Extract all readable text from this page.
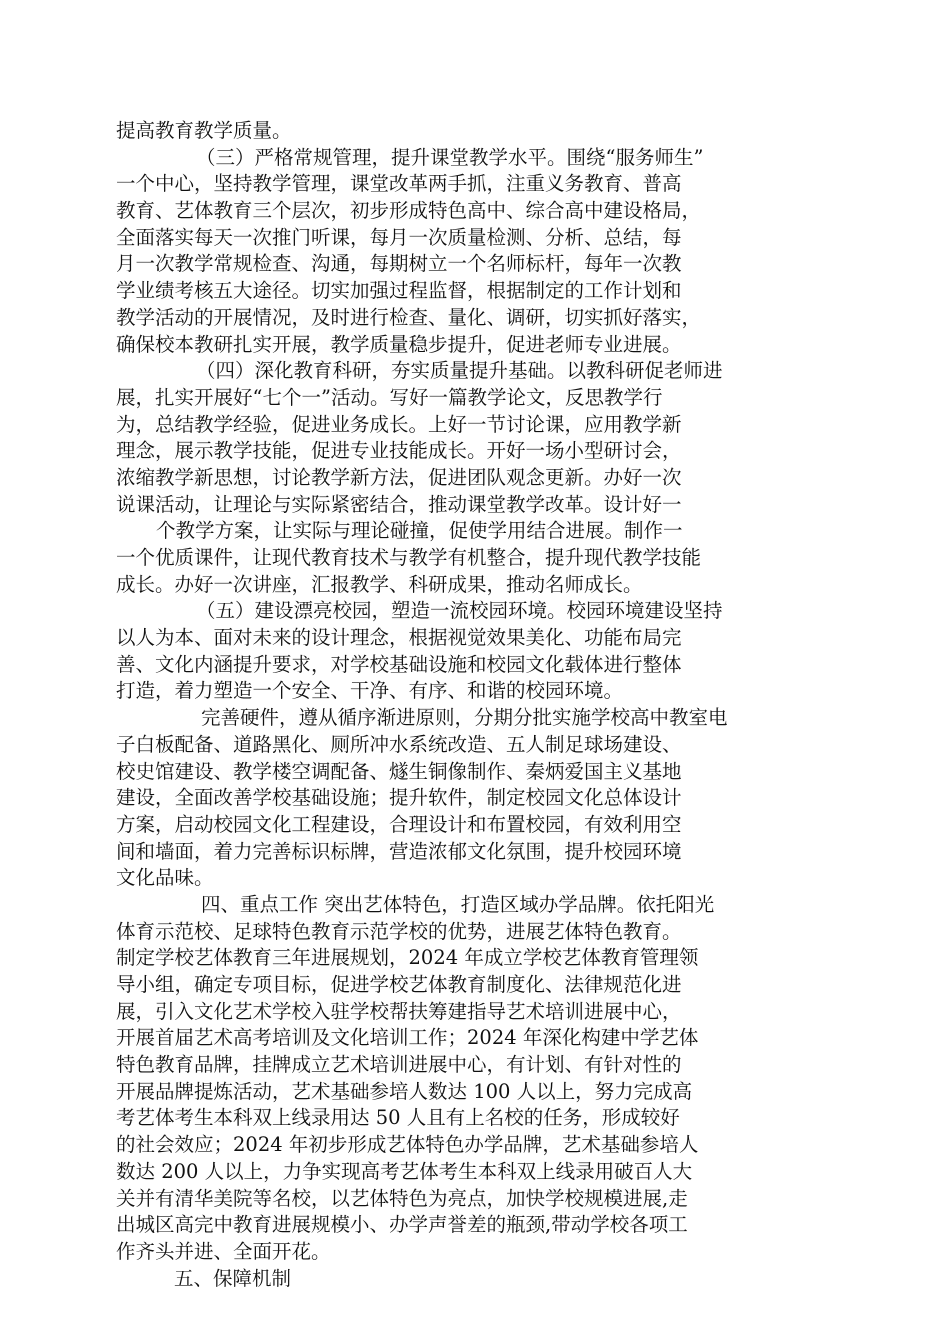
提高教育教学质量。
（三）严格常规管理，提升课堂教学水平。围绕“服务师生”
一个中心，坚持教学管理，课堂改革两手抓，注重义务教育、普高
教育、艺体教育三个层次，初步形成特色高中、综合高中建设格局，
全面落实每天一次推门听课，每月一次质量检测、分析、总结，每
月一次教学常规检查、沟通，每期树立一个名师标杆，每年一次教
学业绩考核五大途径。切实加强过程监督，根据制定的工作计划和
教学活动的开展情况，及时进行检查、量化、调研，切实抓好落实，
确保校本教研扎实开展，教学质量稳步提升，促进老师专业进展。
（四）深化教育科研，夯实质量提升基础。以教科研促老师进
展，扎实开展好“七个一”活动。写好一篇教学论文，反思教学行
为，总结教学经验，促进业务成长。上好一节讨论课，应用教学新
理念，展示教学技能，促进专业技能成长。开好一场小型研讨会，
浓缩教学新思想，讨论教学新方法，促进团队观念更新。办好一次
说课活动，让理论与实际紧密结合，推动课堂教学改革。设计好一
个教学方案，让实际与理论碰撞，促使学用结合进展。制作一
一个优质课件，让现代教育技术与教学有机整合，提升现代教学技能
成长。办好一次讲座，汇报教学、科研成果，推动名师成长。
（五）建设漂亮校园，塑造一流校园环境。校园环境建设坚持
以人为本、面对未来的设计理念，根据视觉效果美化、功能布局完
善、文化内涵提升要求，对学校基础设施和校园文化载体进行整体
打造，着力塑造一个安全、干净、有序、和谐的校园环境。
完善硬件，遵从循序渐进原则，分期分批实施学校高中教室电
子白板配备、道路黑化、厕所冲水系统改造、五人制足球场建设、
校史馆建设、教学楼空调配备、燧生铜像制作、秦炳爱国主义基地
建设，全面改善学校基础设施；提升软件，制定校园文化总体设计
方案，启动校园文化工程建设，合理设计和布置校园，有效利用空
间和墙面，着力完善标识标牌，营造浓郁文化氛围，提升校园环境
文化品味。
四、重点工作 突出艺体特色，打造区域办学品牌。依托阳光
体育示范校、足球特色教育示范学校的优势，进展艺体特色教育。
制定学校艺体教育三年进展规划，2024 年成立学校艺体教育管理领
导小组，确定专项目标，促进学校艺体教育制度化、法律规范化进
展，引入文化艺术学校入驻学校帮扶筹建指导艺术培训进展中心，
开展首届艺术高考培训及文化培训工作；2024 年深化构建中学艺体
特色教育品牌，挂牌成立艺术培训进展中心，有计划、有针对性的
开展品牌提炼活动，艺术基础参培人数达 100 人以上，努力完成高
考艺体考生本科双上线录用达 50 人且有上名校的任务，形成较好
的社会效应；2024 年初步形成艺体特色办学品牌，艺术基础参培人
数达 200 人以上，力争实现高考艺体考生本科双上线录用破百人大
关并有清华美院等名校，以艺体特色为亮点，加快学校规模进展,走
出城区高完中教育进展规模小、办学声誉差的瓶颈,带动学校各项工
作齐头并进、全面开花。
五、保障机制
